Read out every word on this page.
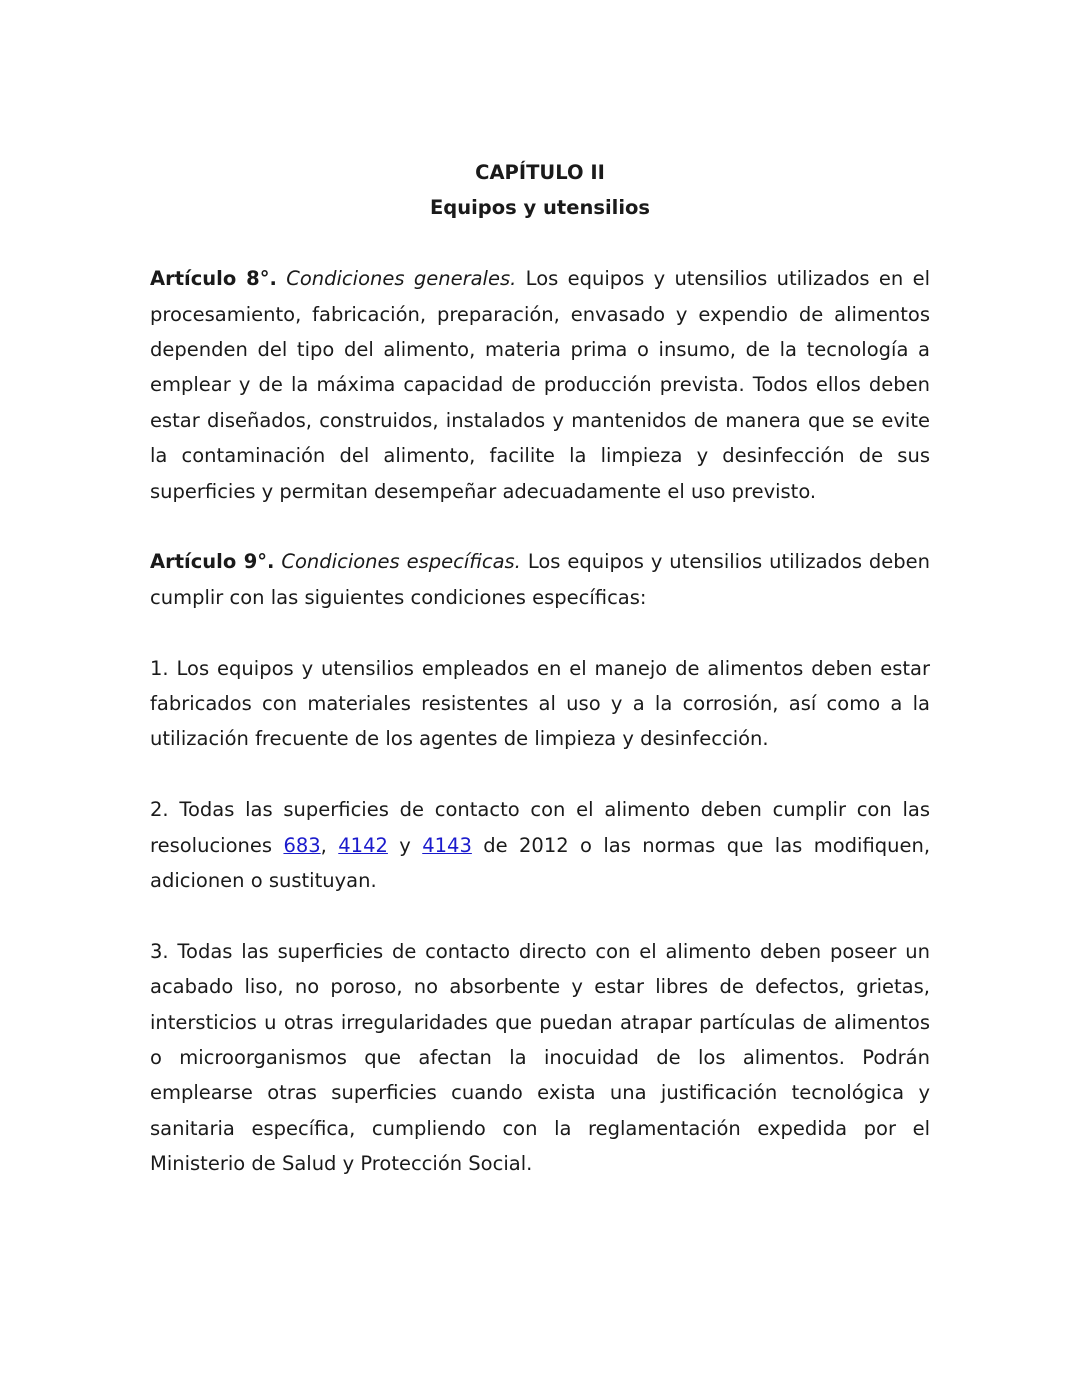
CAPÍTULO II
Equipos y utensilios

Artículo 8°. Condiciones generales. Los equipos y utensilios utilizados en el procesamiento, fabricación, preparación, envasado y expendio de alimentos dependen del tipo del alimento, materia prima o insumo, de la tecnología a emplear y de la máxima capacidad de producción prevista. Todos ellos deben estar diseñados, construidos, instalados y mantenidos de manera que se evite la contaminación del alimento, facilite la limpieza y desinfección de sus superficies y permitan desempeñar adecuadamente el uso previsto.

Artículo 9°. Condiciones específicas. Los equipos y utensilios utilizados deben cumplir con las siguientes condiciones específicas:

1. Los equipos y utensilios empleados en el manejo de alimentos deben estar fabricados con materiales resistentes al uso y a la corrosión, así como a la utilización frecuente de los agentes de limpieza y desinfección.

2. Todas las superficies de contacto con el alimento deben cumplir con las resoluciones 683, 4142 y 4143 de 2012 o las normas que las modifiquen, adicionen o sustituyan.

3. Todas las superficies de contacto directo con el alimento deben poseer un acabado liso, no poroso, no absorbente y estar libres de defectos, grietas, intersticios u otras irregularidades que puedan atrapar partículas de alimentos o microorganismos que afectan la inocuidad de los alimentos. Podrán emplearse otras superficies cuando exista una justificación tecnológica y sanitaria específica, cumpliendo con la reglamentación expedida por el Ministerio de Salud y Protección Social.
